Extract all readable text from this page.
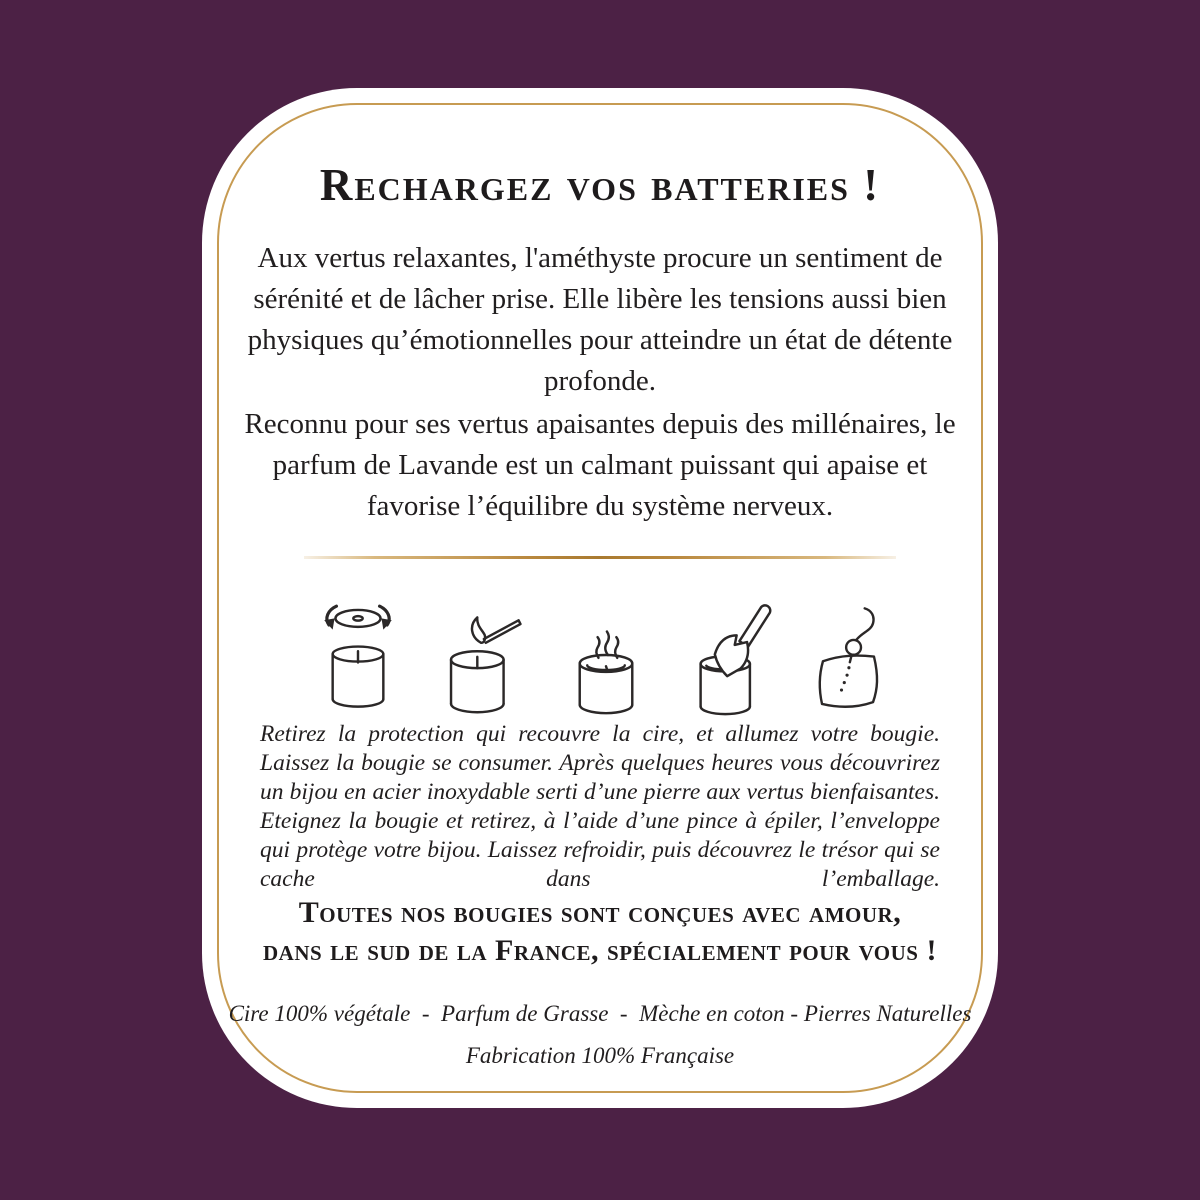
Rechargez vos batteries !
Aux vertus relaxantes, l'améthyste procure un sentiment de sérénité et de lâcher prise. Elle libère les tensions aussi bien physiques qu’émotionnelles pour atteindre un état de détente profonde.
Reconnu pour ses vertus apaisantes depuis des millénaires, le parfum de Lavande est un calmant puissant qui apaise et favorise l’équilibre du système nerveux.
Retirez la protection qui recouvre la cire, et allumez votre bougie. Laissez la bougie se consumer. Après quelques heures vous découvrirez un bijou en acier inoxydable serti d’une pierre aux vertus bienfaisantes. Eteignez la bougie et retirez, à l’aide d’une pince à épiler, l’enveloppe qui protège votre bijou. Laissez refroidir, puis découvrez le trésor qui se cache dans l’emballage.
Toutes nos bougies sont conçues avec amour,
dans le sud de la France, spécialement pour vous !
Cire 100% végétale  -  Parfum de Grasse  -  Mèche en coton - Pierres Naturelles
Fabrication 100% Française
